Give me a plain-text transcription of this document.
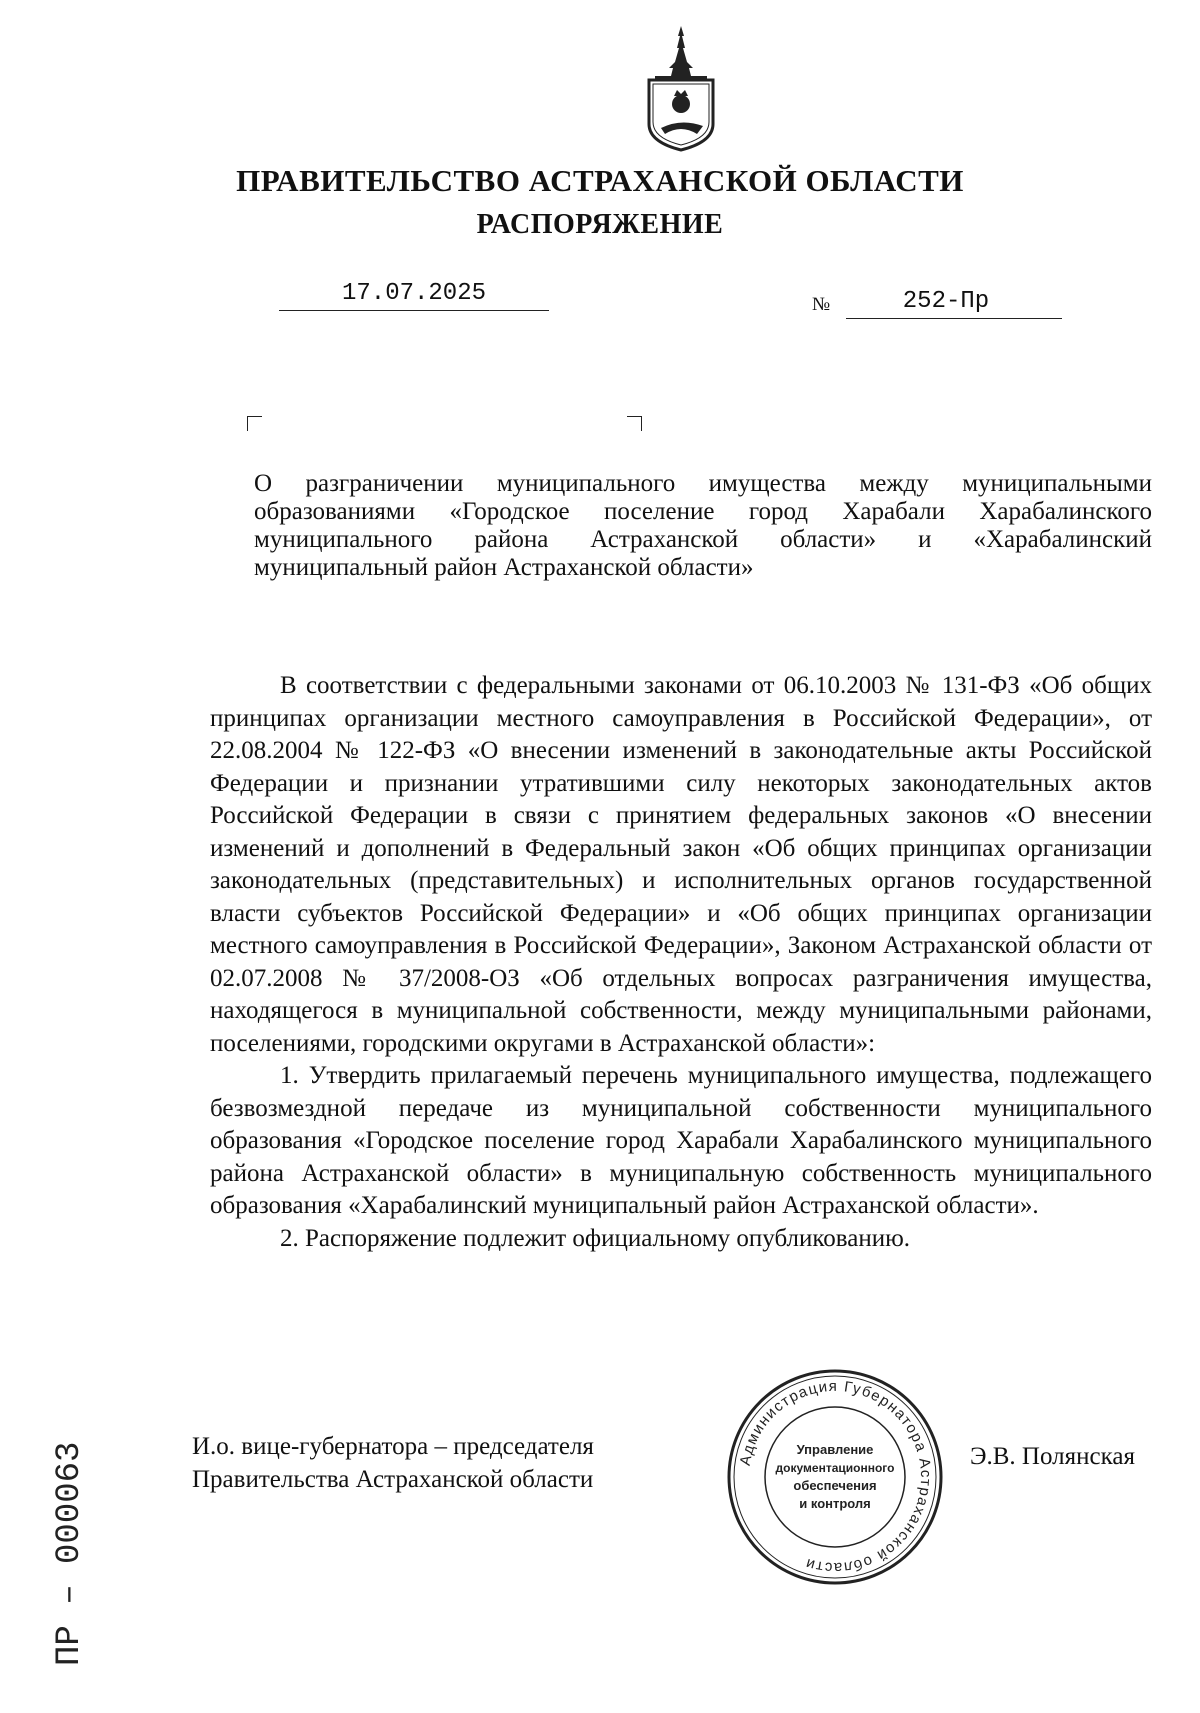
ПРАВИТЕЛЬСТВО АСТРАХАНСКОЙ ОБЛАСТИ
РАСПОРЯЖЕНИЕ
17.07.2025	№	252-Пр
О разграничении муниципального имущества между муниципальными образованиями «Городское поселение город Харабали Харабалинского муниципального района Астраханской области» и «Харабалинский муниципальный район Астраханской области»

В соответствии с федеральными законами от 06.10.2003 № 131-ФЗ «Об общих принципах организации местного самоуправления в Российской Федерации», от 22.08.2004 № 122-ФЗ «О внесении изменений в законодательные акты Российской Федерации и признании утратившими силу некоторых законодательных актов Российской Федерации в связи с принятием федеральных законов «О внесении изменений и дополнений в Федеральный закон «Об общих принципах организации законодательных (представительных) и исполнительных органов государственной власти субъектов Российской Федерации» и «Об общих принципах организации местного самоуправления в Российской Федерации», Законом Астраханской области от 02.07.2008 № 37/2008-ОЗ «Об отдельных вопросах разграничения имущества, находящегося в муниципальной собственности, между муниципальными районами, поселениями, городскими округами в Астраханской области»:

1. Утвердить прилагаемый перечень муниципального имущества, подлежащего безвозмездной передаче из муниципальной собственности муниципального образования «Городское поселение город Харабали Харабалинского муниципального района Астраханской области» в муниципальную собственность муниципального образования «Харабалинский муниципальный район Астраханской области».

2. Распоряжение подлежит официальному опубликованию.

И.о. вице-губернатора – председателя
Правительства Астраханской области
Э.В. Полянская
Администрация Губернатора Астраханской области
Управление
документационного
обеспечения
и контроля
ПР – 000063
